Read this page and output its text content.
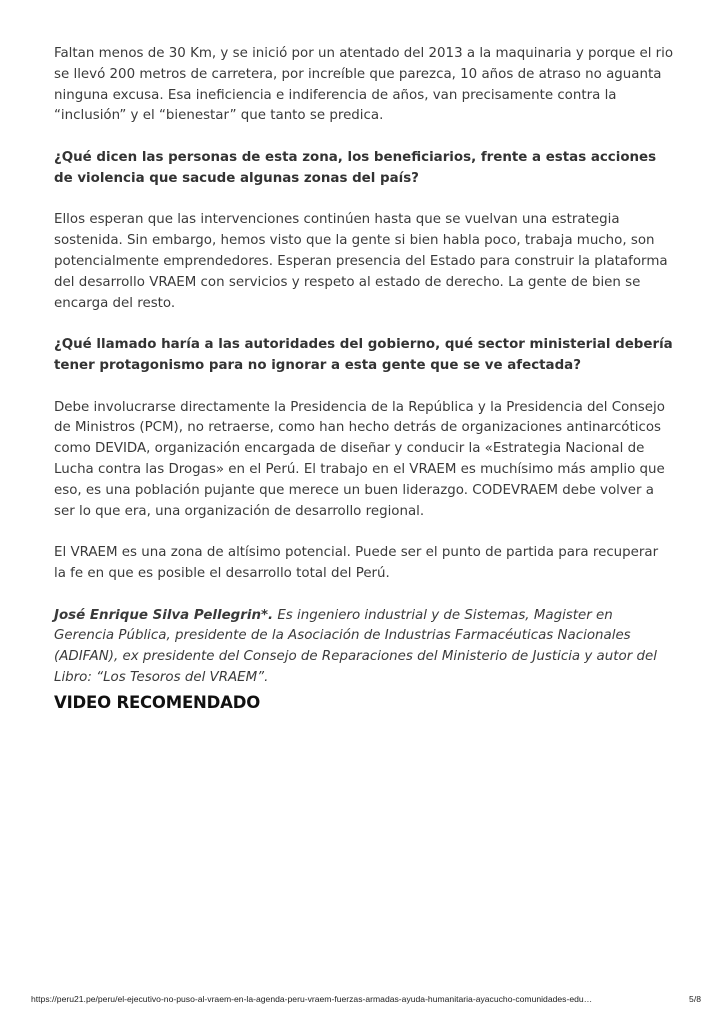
Faltan menos de 30 Km, y se inició por un atentado del 2013 a la maquinaria y porque el rio se llevó 200 metros de carretera, por increíble que parezca, 10 años de atraso no aguanta ninguna excusa. Esa ineficiencia e indiferencia de años, van precisamente contra la “inclusión” y el “bienestar” que tanto se predica.

¿Qué dicen las personas de esta zona, los beneficiarios, frente a estas acciones de violencia que sacude algunas zonas del país?

Ellos esperan que las intervenciones continúen hasta que se vuelvan una estrategia sostenida. Sin embargo, hemos visto que la gente si bien habla poco, trabaja mucho, son potencialmente emprendedores. Esperan presencia del Estado para construir la plataforma del desarrollo VRAEM con servicios y respeto al estado de derecho. La gente de bien se encarga del resto.

¿Qué llamado haría a las autoridades del gobierno, qué sector ministerial debería tener protagonismo para no ignorar a esta gente que se ve afectada?

Debe involucrarse directamente la Presidencia de la República y la Presidencia del Consejo de Ministros (PCM), no retraerse, como han hecho detrás de organizaciones antinarcóticos como DEVIDA, organización encargada de diseñar y conducir la «Estrategia Nacional de Lucha contra las Drogas» en el Perú. El trabajo en el VRAEM es muchísimo más amplio que eso, es una población pujante que merece un buen liderazgo. CODEVRAEM debe volver a ser lo que era, una organización de desarrollo regional.

El VRAEM es una zona de altísimo potencial. Puede ser el punto de partida para recuperar la fe en que es posible el desarrollo total del Perú.

José Enrique Silva Pellegrin*. Es ingeniero industrial y de Sistemas, Magister en Gerencia Pública, presidente de la Asociación de Industrias Farmacéuticas Nacionales (ADIFAN), ex presidente del Consejo de Reparaciones del Ministerio de Justicia y autor del Libro: “Los Tesoros del VRAEM”.

VIDEO RECOMENDADO
https://peru21.pe/peru/el-ejecutivo-no-puso-al-vraem-en-la-agenda-peru-vraem-fuerzas-armadas-ayuda-humanitaria-ayacucho-comunidades-edu…	5/8
